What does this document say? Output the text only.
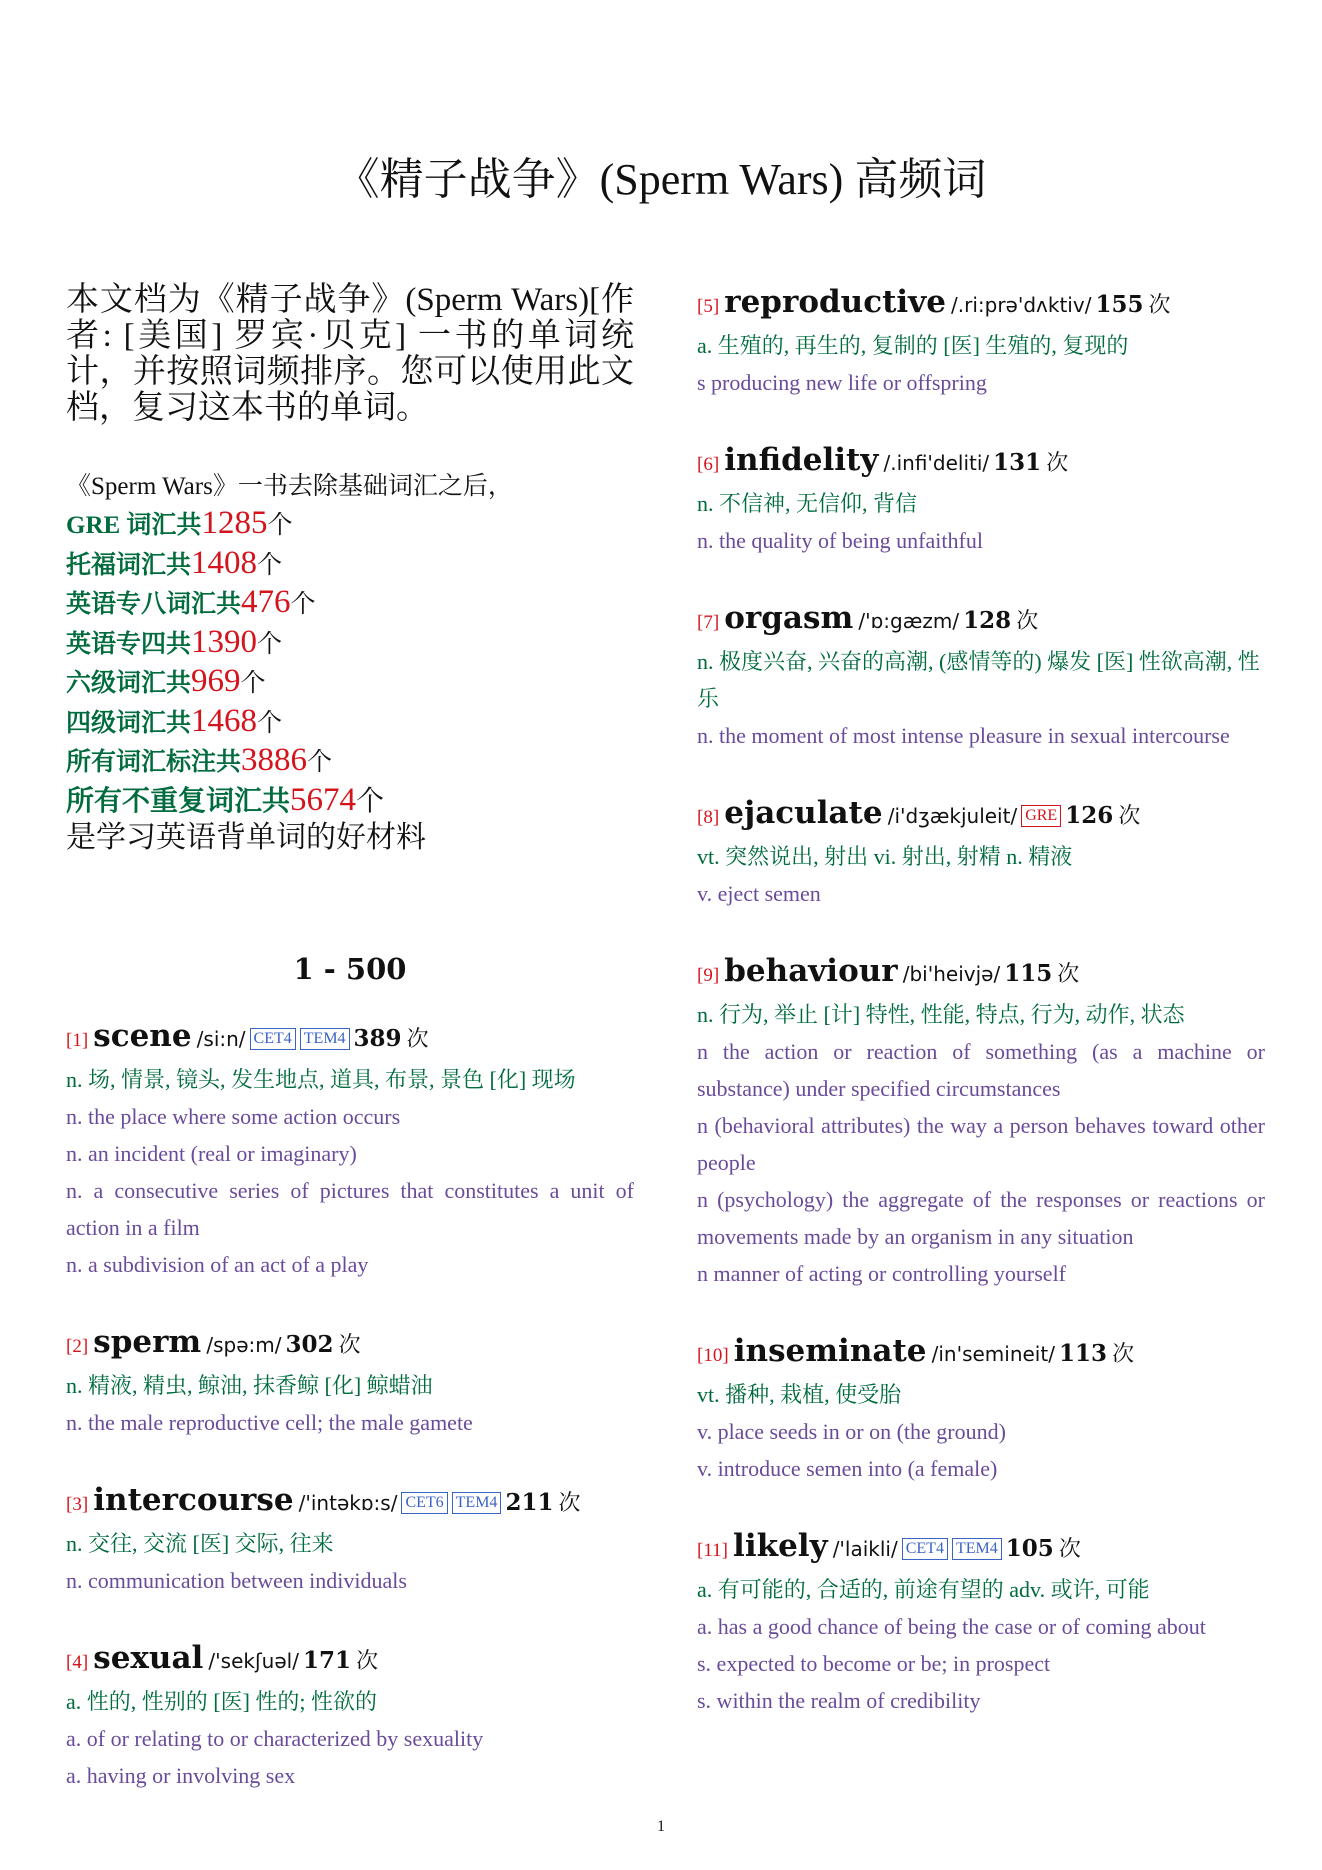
《精子战争》(Sperm Wars) 高频词

本文档为《精子战争》(Sperm Wars)[作者: [美国] 罗宾·贝克] 一书的单词统计，并按照词频排序。您可以使用此文档，复习这本书的单词。

《Sperm Wars》一书去除基础词汇之后，
GRE 词汇共1285个
托福词汇共1408个
英语专八词汇共476个
英语专四共1390个
六级词汇共969个
四级词汇共1468个
所有词汇标注共3886个
所有不重复词汇共5674个
是学习英语背单词的好材料
1 - 500
[1] scene /si:n/ CET4 TEM4 389 次
n. 场, 情景, 镜头, 发生地点, 道具, 布景, 景色 [化] 现场
n. the place where some action occurs
n. an incident (real or imaginary)
n. a consecutive series of pictures that constitutes a unit of action in a film
n. a subdivision of an act of a play
[2] sperm /spə:m/ 302 次
n. 精液, 精虫, 鲸油, 抹香鲸 [化] 鲸蜡油
n. the male reproductive cell; the male gamete
[3] intercourse /'intəkɒ:s/ CET6 TEM4 211 次
n. 交往, 交流 [医] 交际, 往来
n. communication between individuals
[4] sexual /'sekʃuəl/ 171 次
a. 性的, 性别的 [医] 性的; 性欲的
a. of or relating to or characterized by sexuality
a. having or involving sex
[5] reproductive /.ri:prə'dʌktiv/ 155 次
a. 生殖的, 再生的, 复制的 [医] 生殖的, 复现的
s producing new life or offspring
[6] infidelity /.infi'deliti/ 131 次
n. 不信神, 无信仰, 背信
n. the quality of being unfaithful
[7] orgasm /'ɒ:gæzm/ 128 次
n. 极度兴奋, 兴奋的高潮, (感情等的) 爆发 [医] 性欲高潮, 性乐
n. the moment of most intense pleasure in sexual intercourse
[8] ejaculate /i'dʒækjuleit/ GRE 126 次
vt. 突然说出, 射出 vi. 射出, 射精 n. 精液
v. eject semen
[9] behaviour /bi'heivjə/ 115 次
n. 行为, 举止 [计] 特性, 性能, 特点, 行为, 动作, 状态
n the action or reaction of something (as a machine or substance) under specified circumstances
n (behavioral attributes) the way a person behaves toward other people
n (psychology) the aggregate of the responses or reactions or movements made by an organism in any situation
n manner of acting or controlling yourself
[10] inseminate /in'semineit/ 113 次
vt. 播种, 栽植, 使受胎
v. place seeds in or on (the ground)
v. introduce semen into (a female)
[11] likely /'laikli/ CET4 TEM4 105 次
a. 有可能的, 合适的, 前途有望的 adv. 或许, 可能
a. has a good chance of being the case or of coming about
s. expected to become or be; in prospect
s. within the realm of credibility
1
